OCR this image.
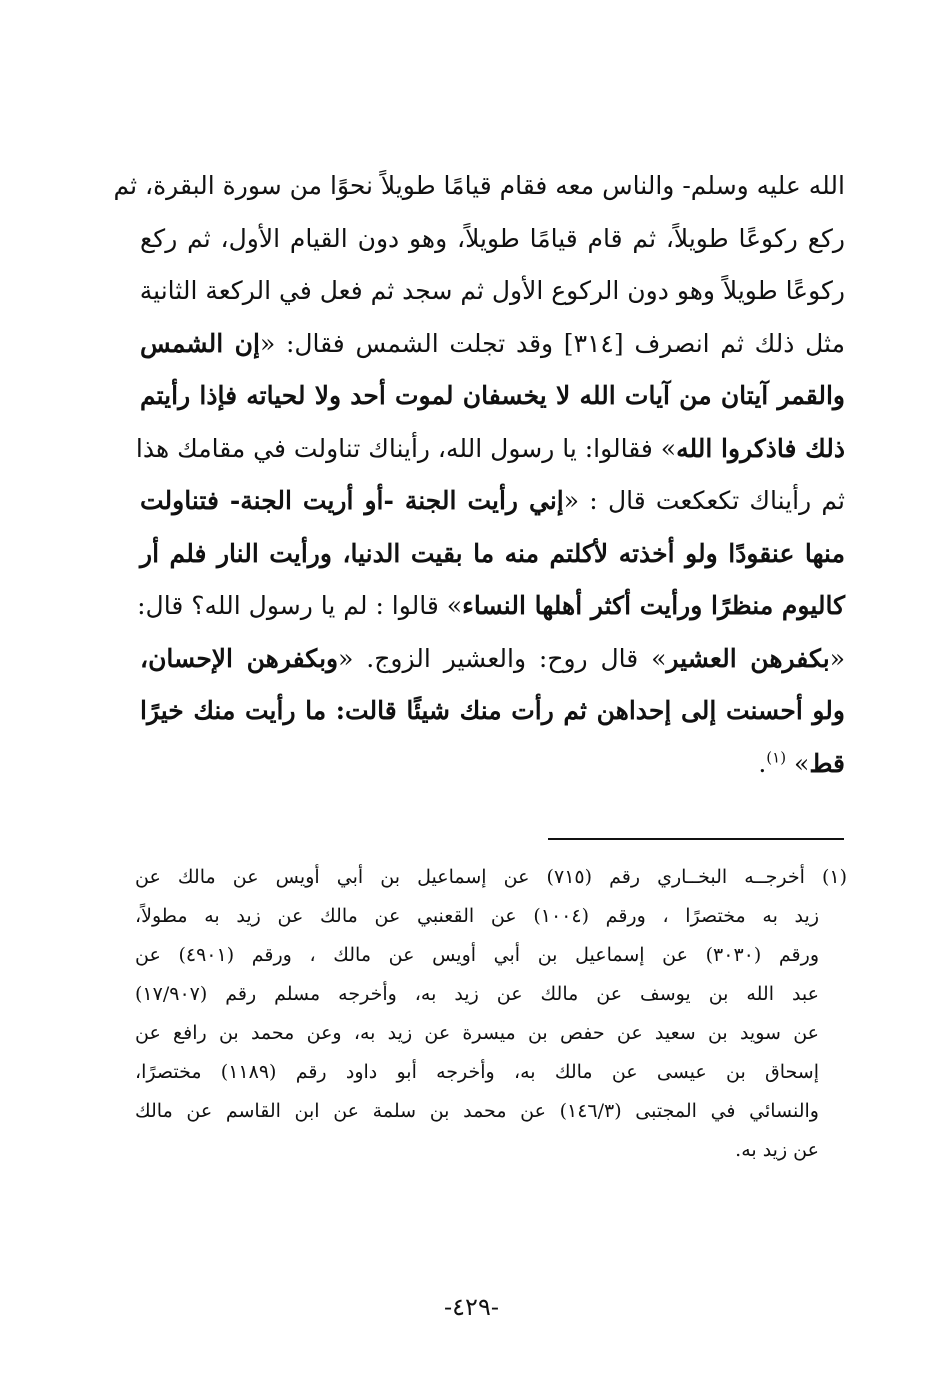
الله عليه وسلم- والناس معه فقام قيامًا طويلاً نحوًا من سورة البقرة، ثم
ركع ركوعًا طويلاً، ثم قام قيامًا طويلاً، وهو دون القيام الأول، ثم ركع
ركوعًا طويلاً وهو دون الركوع الأول ثم سجد ثم فعل في الركعة الثانية
مثل ذلك ثم انصرف [٣١٤] وقد تجلت الشمس فقال: «إن الشمس
والقمر آيتان من آيات الله لا يخسفان لموت أحد ولا لحياته فإذا رأيتم
ذلك فاذكروا الله» فقالوا: يا رسول الله، رأيناك تناولت في مقامك هذا
ثم رأيناك تكعكعت قال : «إني رأيت الجنة -أو أريت الجنة- فتناولت
منها عنقودًا ولو أخذته لأكلتم منه ما بقيت الدنيا، ورأيت النار فلم أر
كاليوم منظرًا ورأيت أكثر أهلها النساء» قالوا : لم يا رسول الله؟ قال:
«بكفرهن العشير» قال روح: والعشير الزوج. «وبكفرهن الإحسان،
ولو أحسنت إلى إحداهن ثم رأت منك شيئًا قالت: ما رأيت منك خيرًا
قط» $^{(١)}$.
(١) أخرجــه البخــاري رقم (٧١٥) عن إسماعيل بن أبي أويس عن مالك عن
زيد به مختصرًا ، ورقم (١٠٠٤) عن القعنبي عن مالك عن زيد به مطولاً،
ورقم (٣٠٣٠) عن إسماعيل بن أبي أويس عن مالك ، ورقم (٤٩٠١) عن
عبد الله بن يوسف عن مالك عن زيد به، وأخرجه مسلم رقم (١٧/٩٠٧)
عن سويد بن سعيد عن حفص بن ميسرة عن زيد به، وعن محمد بن رافع عن
إسحاق بن عيسى عن مالك به، وأخرجه أبو داود رقم (١١٨٩) مختصرًا،
والنسائي في المجتبى (١٤٦/٣) عن محمد بن سلمة عن ابن القاسم عن مالك
عن زيد به.
-٤٢٩-
